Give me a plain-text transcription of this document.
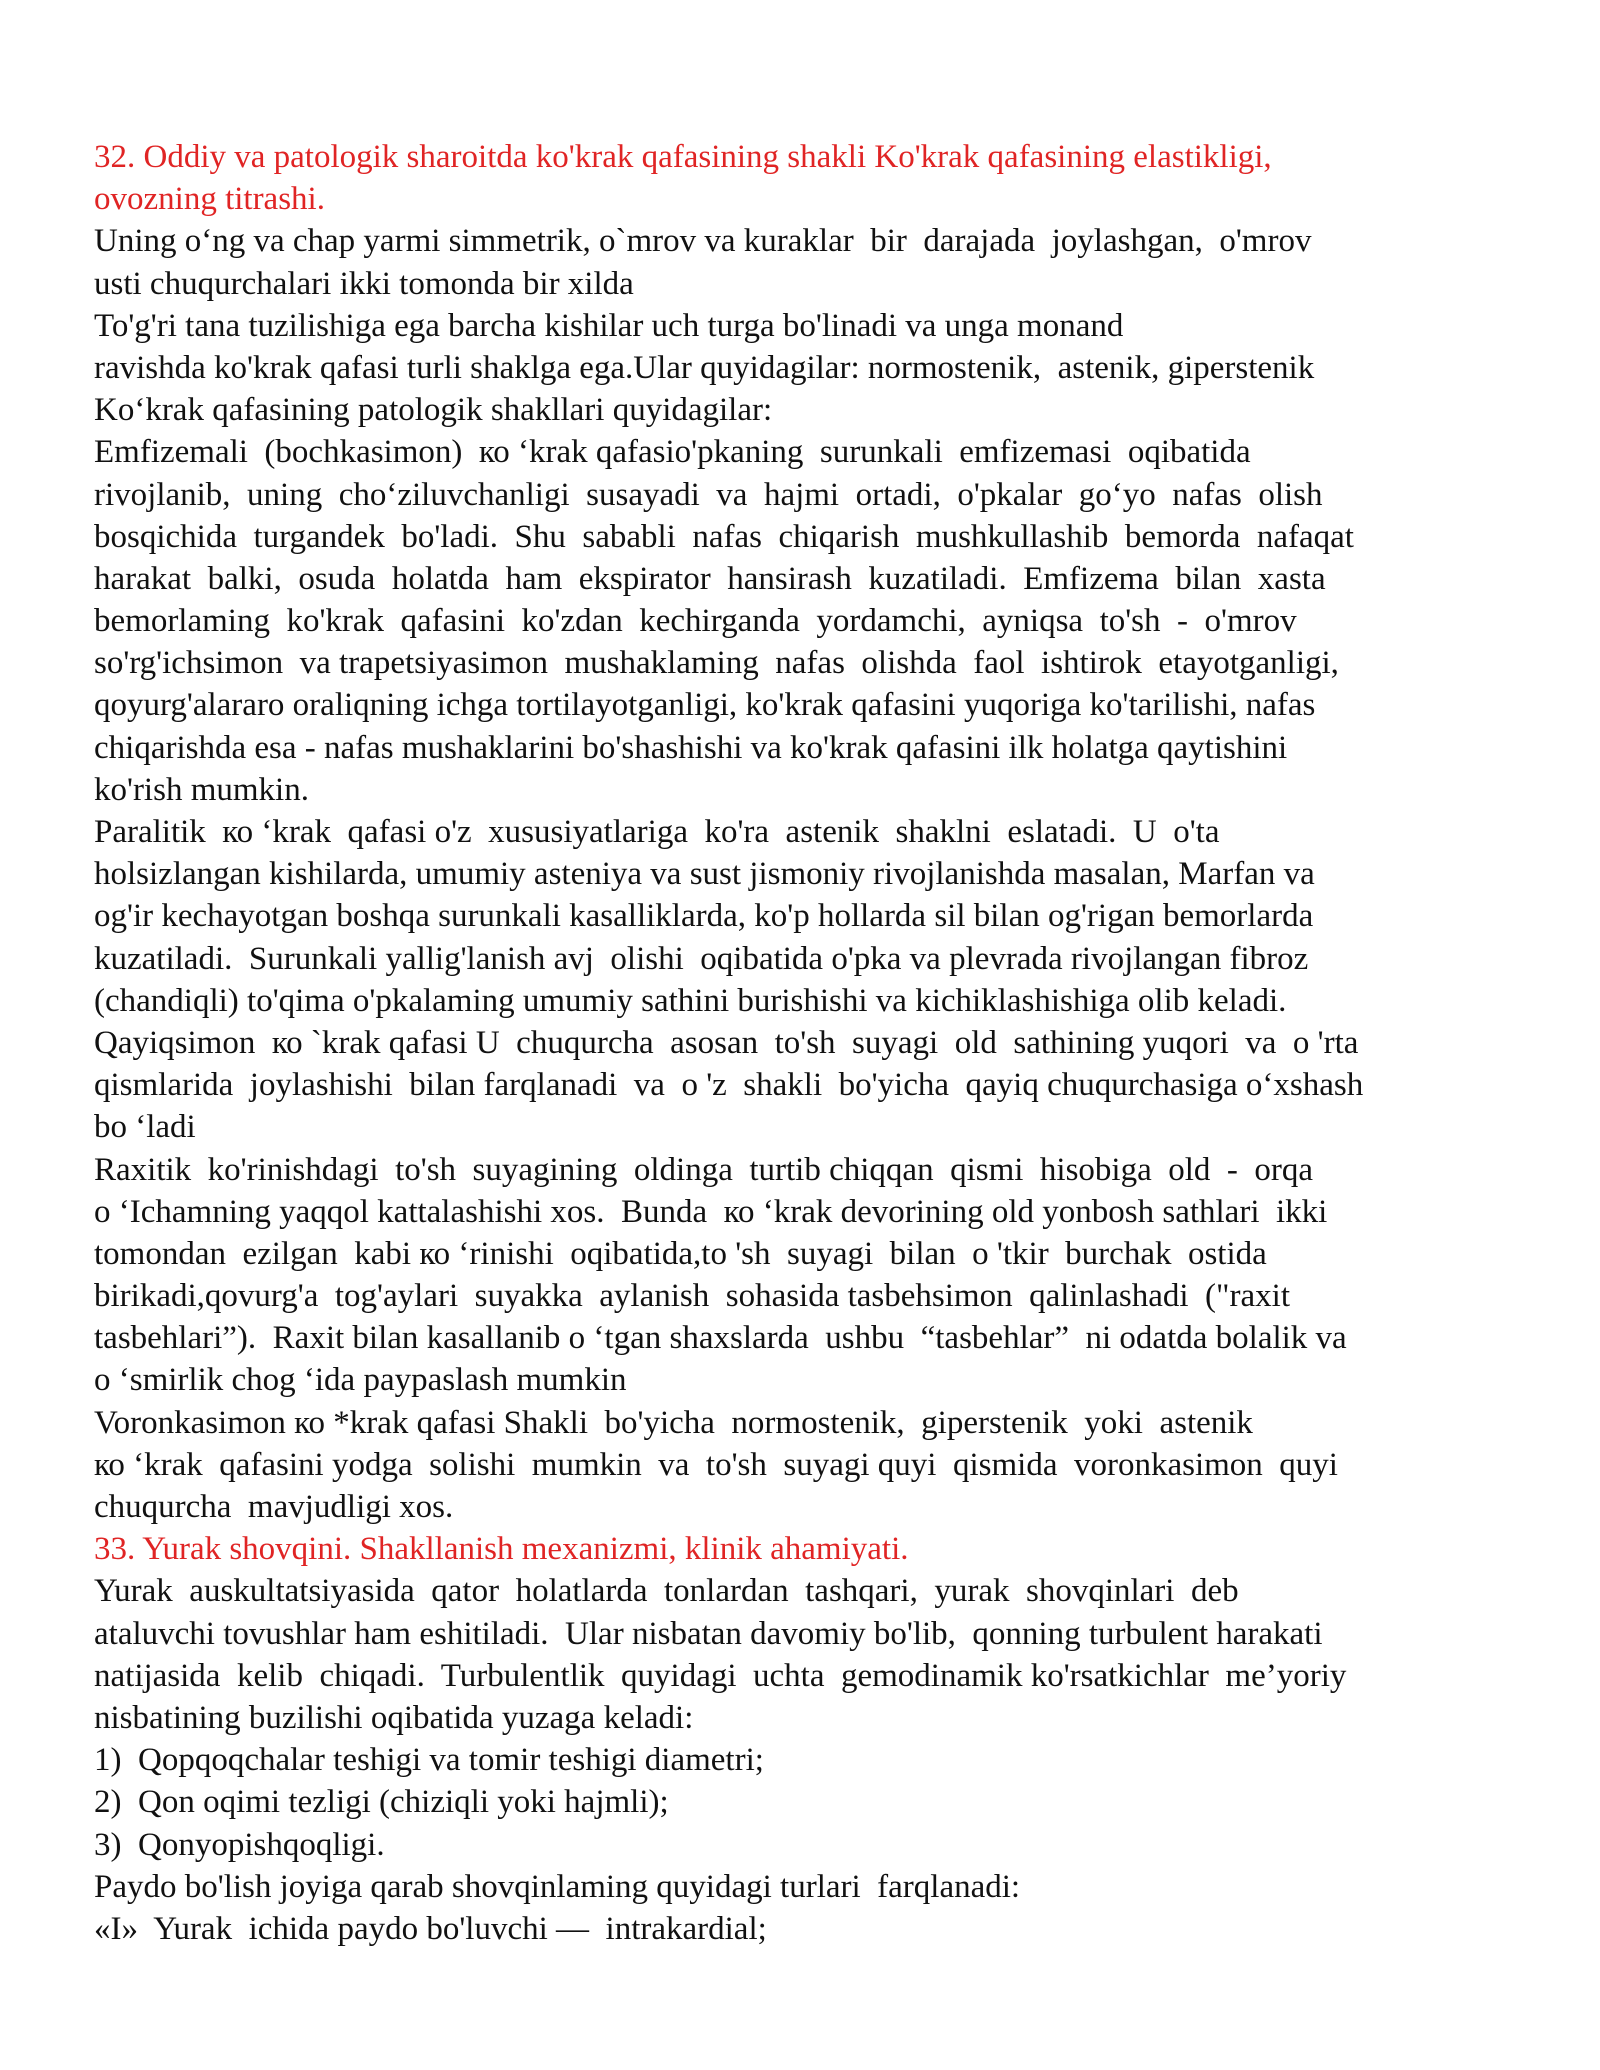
32. Oddiy va patologik sharoitda ko'krak qafasining shakli Ko'krak qafasining elastikligi,
ovozning titrashi.
Uning o‘ng va chap yarmi simmetrik, o`mrov va kuraklar  bir  darajada  joylashgan,  o'mrov
usti chuqurchalari ikki tomonda bir xilda
To'g'ri tana tuzilishiga ega barcha kishilar uch turga bo'linadi va unga monand
ravishda ko'krak qafasi turli shaklga ega.Ular quyidagilar: normostenik,  astenik, giperstenik
Ko‘krak qafasining patologik shakllari quyidagilar:
Emfizemali  (bochkasimon)  ко ‘krak qafasio'pkaning  surunkali  emfizemasi  oqibatida
rivojlanib,  uning  cho‘ziluvchanligi  susayadi  va  hajmi  ortadi,  o'pkalar  go‘yo  nafas  olish
bosqichida  turgandek  bo'ladi.  Shu  sababli  nafas  chiqarish  mushkullashib  bemorda  nafaqat
harakat  balki,  osuda  holatda  ham  ekspirator  hansirash  kuzatiladi.  Emfizema  bilan  xasta
bemorlaming  ko'krak  qafasini  ko'zdan  kechirganda  yordamchi,  ayniqsa  to'sh  -  o'mrov
so'rg'ichsimon  va trapetsiyasimon  mushaklaming  nafas  olishda  faol  ishtirok  etayotganligi,
qoyurg'alararo oraliqning ichga tortilayotganligi, ko'krak qafasini yuqoriga ko'tarilishi, nafas
chiqarishda esa - nafas mushaklarini bo'shashishi va ko'krak qafasini ilk holatga qaytishini
ko'rish mumkin.
Paralitik  ко ‘krak  qafasi o'z  xususiyatlariga  ko'ra  astenik  shaklni  eslatadi.  U  o'ta
holsizlangan kishilarda, umumiy asteniya va sust jismoniy rivojlanishda masalan, Marfan va
og'ir kechayotgan boshqa surunkali kasalliklarda, ko'p hollarda sil bilan og'rigan bemorlarda
kuzatiladi.  Surunkali yallig'lanish avj  olishi  oqibatida o'pka va plevrada rivojlangan fibroz
(chandiqli) to'qima o'pkalaming umumiy sathini burishishi va kichiklashishiga olib keladi.
Qayiqsimon  ко `krak qafasi U  chuqurcha  asosan  to'sh  suyagi  old  sathining yuqori  va  o 'rta
qismlarida  joylashishi  bilan farqlanadi  va  o 'z  shakli  bo'yicha  qayiq chuqurchasiga o‘xshash
bo ‘ladi
Raxitik  ko'rinishdagi  to'sh  suyagining  oldinga  turtib chiqqan  qismi  hisobiga  old  -  orqa
o ‘Ichamning yaqqol kattalashishi xos.  Bunda  ко ‘krak devorining old yonbosh sathlari  ikki
tomondan  ezilgan  kabi ко ‘rinishi  oqibatida,to 'sh  suyagi  bilan  o 'tkir  burchak  ostida
birikadi,qovurg'a  tog'aylari  suyakka  aylanish  sohasida tasbehsimon  qalinlashadi  ("raxit
tasbehlari”).  Raxit bilan kasallanib o ‘tgan shaxslarda  ushbu  “tasbehlar”  ni odatda bolalik va
o ‘smirlik chog ‘ida paypaslash mumkin
Voronkasimon ко *krak qafasi Shakli  bo'yicha  normostenik,  giperstenik  yoki  astenik
ко ‘krak  qafasini yodga  solishi  mumkin  va  to'sh  suyagi quyi  qismida  voronkasimon  quyi
chuqurcha  mavjudligi xos.
33. Yurak shovqini. Shakllanish mexanizmi, klinik ahamiyati.
Yurak  auskultatsiyasida  qator  holatlarda  tonlardan  tashqari,  yurak  shovqinlari  deb
ataluvchi tovushlar ham eshitiladi.  Ular nisbatan davomiy bo'lib,  qonning turbulent harakati
natijasida  kelib  chiqadi.  Turbulentlik  quyidagi  uchta  gemodinamik ko'rsatkichlar  me’yoriy
nisbatining buzilishi oqibatida yuzaga keladi:
1)  Qopqoqchalar teshigi va tomir teshigi diametri;
2)  Qon oqimi tezligi (chiziqli yoki hajmli);
3)  Qonyopishqoqligi.
Paydo bo'lish joyiga qarab shovqinlaming quyidagi turlari  farqlanadi:
«I»  Yurak  ichida paydo bo'luvchi —  intrakardial;
